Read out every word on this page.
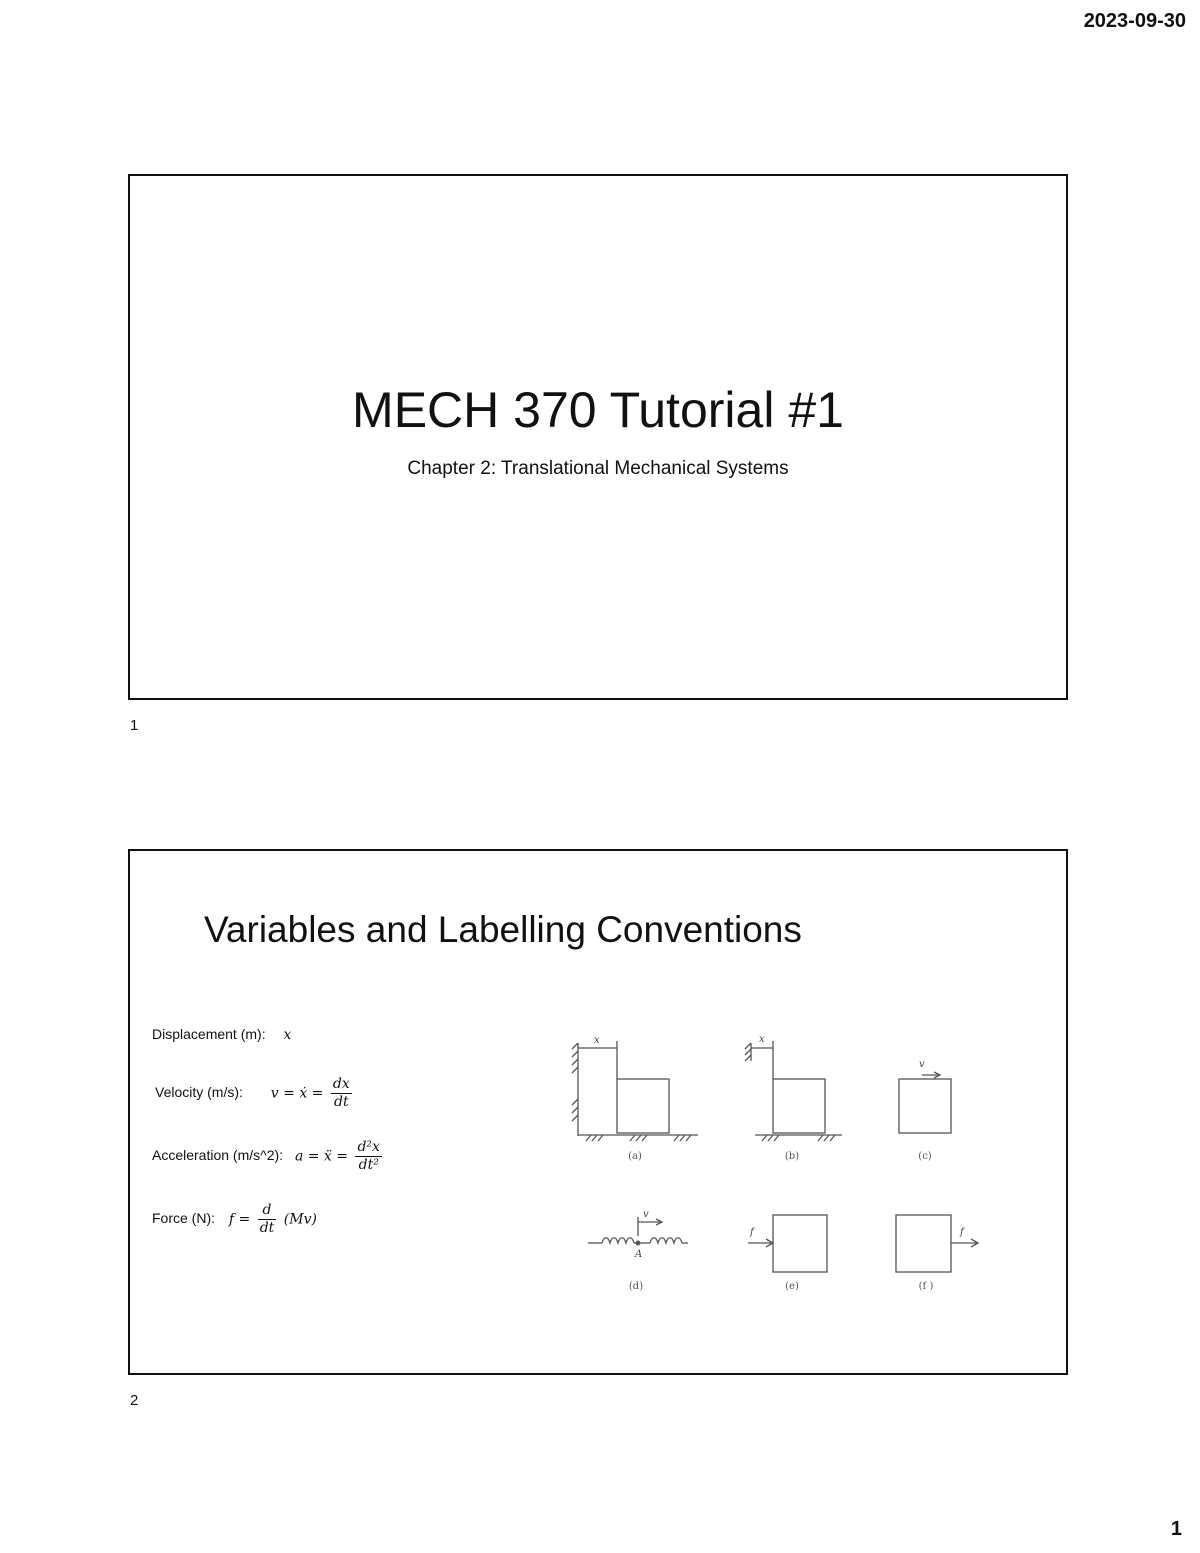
2023-09-30
MECH 370 Tutorial #1
Chapter 2: Translational Mechanical Systems
1
Variables and Labelling Conventions
Displacement (m): x
Velocity (m/s): v = ẋ = $\frac{dx}{dt}$
Acceleration (m/s^2): a = ẍ = $\frac{\text{d²x}}{\text{dt²}}$
Force (N): $f = \frac{d}{dt} (Mv)$
x	x
v
v
A
f	f
(a)	(b)	(c)
(d)	(e)	(f )
2
1
